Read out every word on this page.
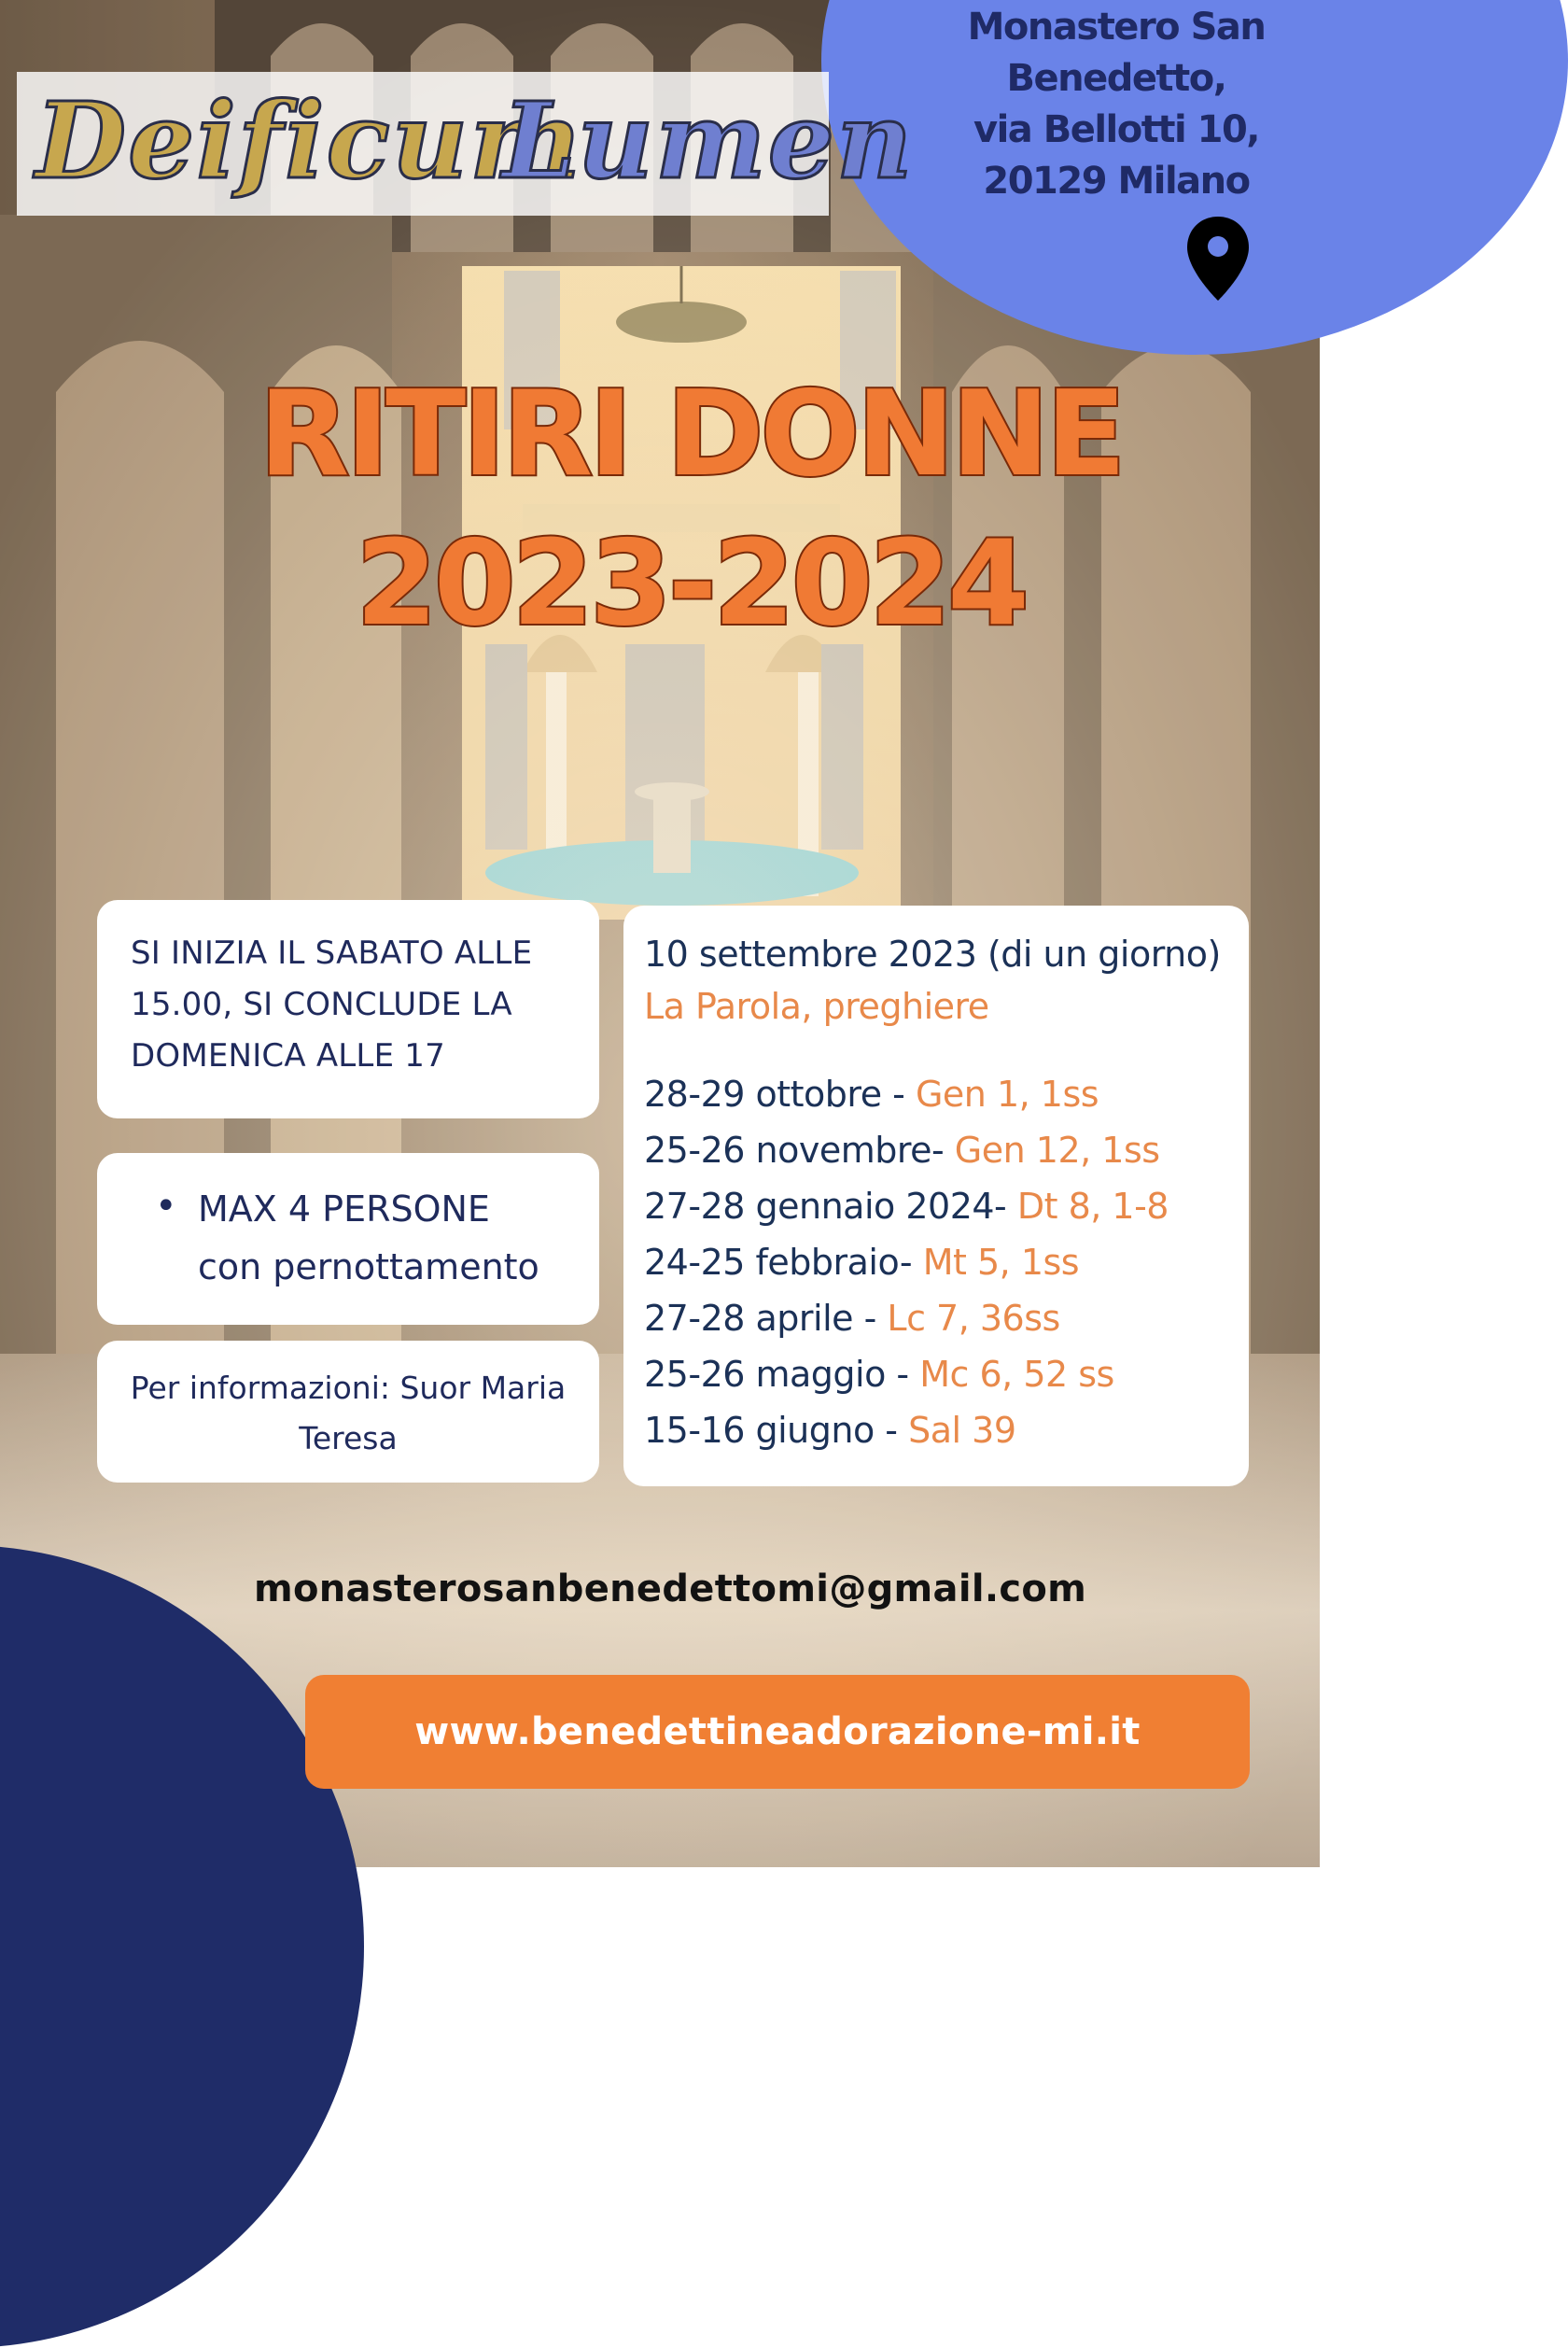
Monastero San
Benedetto,
via Bellotti 10,
20129 Milano
Deificum
Lumen
RITIRI DONNE
2023-2024
SI INIZIA IL SABATO ALLE 15.00, SI CONCLUDE LA DOMENICA ALLE 17
• MAX 4 PERSONE
con pernottamento
Per informazioni: Suor Maria Teresa
10 settembre 2023 (di un giorno)
La Parola, preghiere
28-29 ottobre - Gen 1, 1ss
25-26 novembre- Gen 12, 1ss
27-28 gennaio 2024- Dt 8, 1-8
24-25 febbraio- Mt 5, 1ss
27-28 aprile - Lc 7, 36ss
25-26 maggio - Mc 6, 52 ss
15-16 giugno - Sal 39
monasterosanbenedettomi@gmail.com
www.benedettineadorazione-mi.it
